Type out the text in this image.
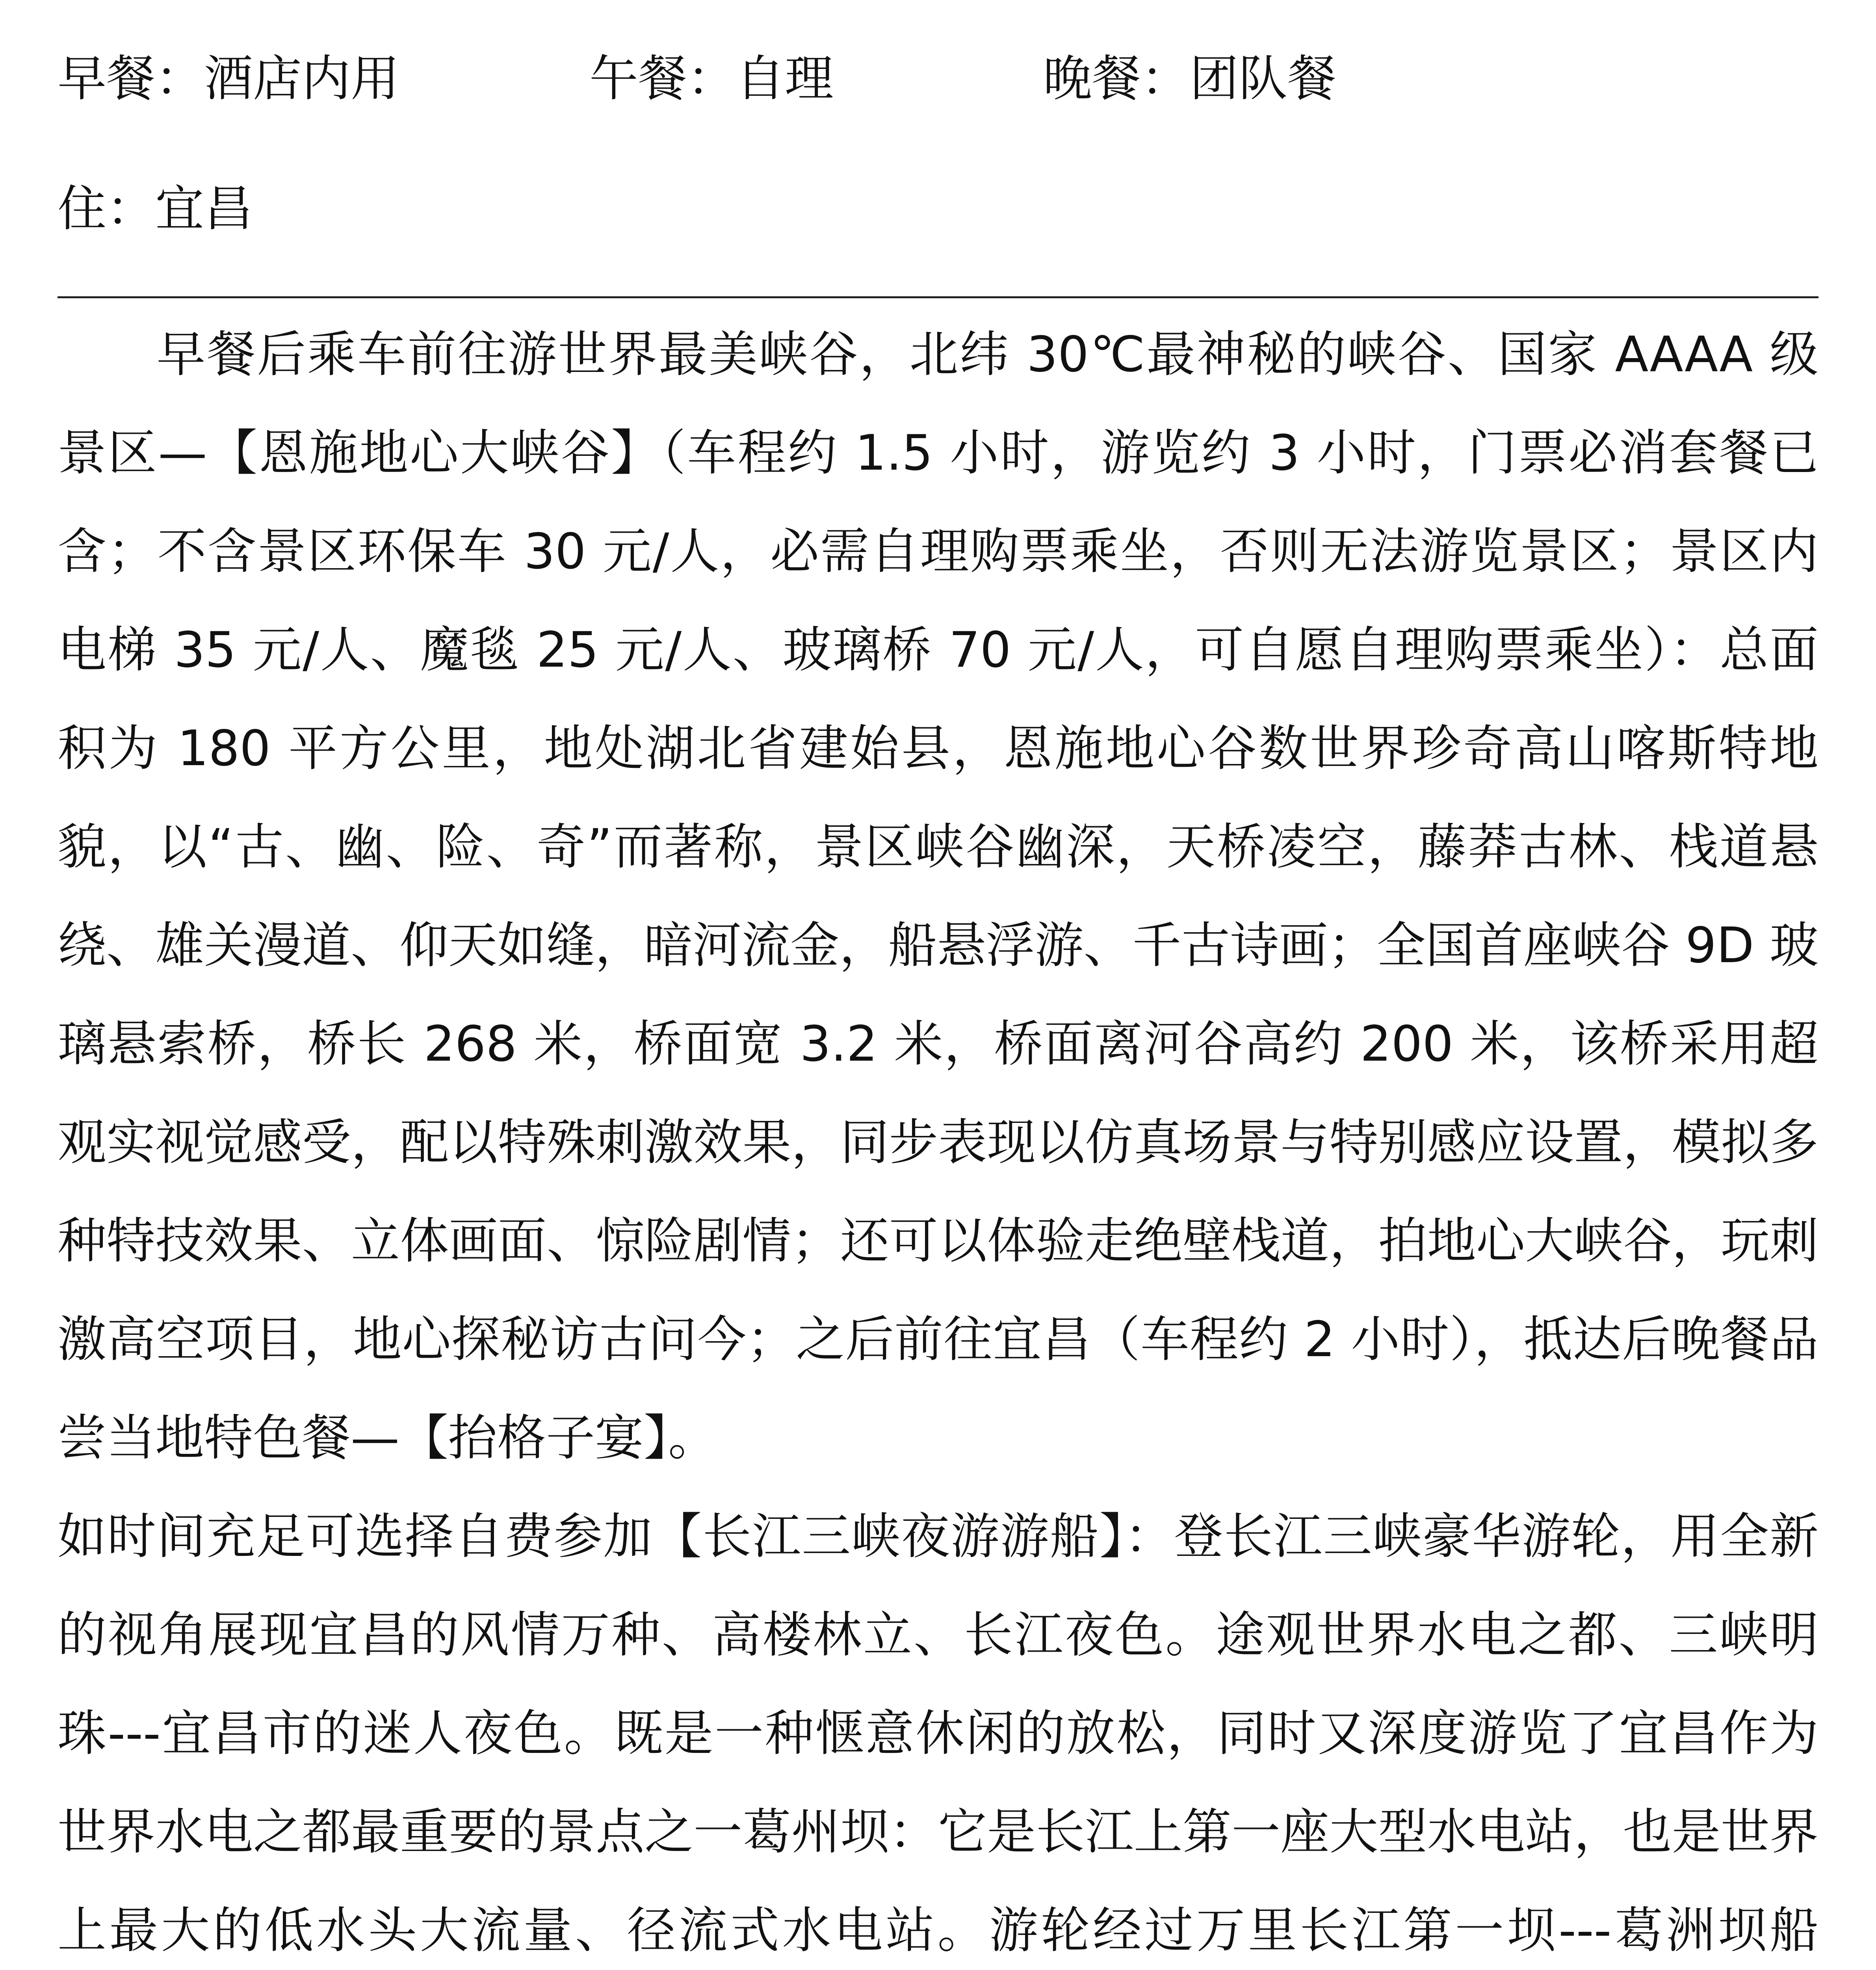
早餐：酒店内用	午餐：自理	晚餐：团队餐
住：宜昌

早餐后乘车前往游世界最美峡谷，北纬 30℃最神秘的峡谷、国家 AAAA 级景区—【恩施地心大峡谷】（车程约 1.5 小时，游览约 3 小时，门票必消套餐已含；不含景区环保车 30 元/人，必需自理购票乘坐，否则无法游览景区；景区内电梯 35 元/人、魔毯 25 元/人、玻璃桥 70 元/人，可自愿自理购票乘坐）：总面积为 180 平方公里，地处湖北省建始县，恩施地心谷数世界珍奇高山喀斯特地貌，以“古、幽、险、奇”而著称，景区峡谷幽深，天桥凌空，藤莽古林、栈道悬绕、雄关漫道、仰天如缝，暗河流金，船悬浮游、千古诗画；全国首座峡谷 9D 玻璃悬索桥，桥长 268 米，桥面宽 3.2 米，桥面离河谷高约 200 米，该桥采用超观实视觉感受，配以特殊刺激效果，同步表现以仿真场景与特别感应设置，模拟多种特技效果、立体画面、惊险剧情；还可以体验走绝壁栈道，拍地心大峡谷，玩刺激高空项目，地心探秘访古问今；之后前往宜昌（车程约 2 小时），抵达后晚餐品尝当地特色餐—【抬格子宴】。

如时间充足可选择自费参加【长江三峡夜游游船】：登长江三峡豪华游轮，用全新的视角展现宜昌的风情万种、高楼林立、长江夜色。途观世界水电之都、三峡明珠---宜昌市的迷人夜色。既是一种惬意休闲的放松，同时又深度游览了宜昌作为世界水电之都最重要的景点之一葛州坝：它是长江上第一座大型水电站，也是世界上最大的低水头大流量、径流式水电站。游轮经过万里长江第一坝---葛洲坝船
